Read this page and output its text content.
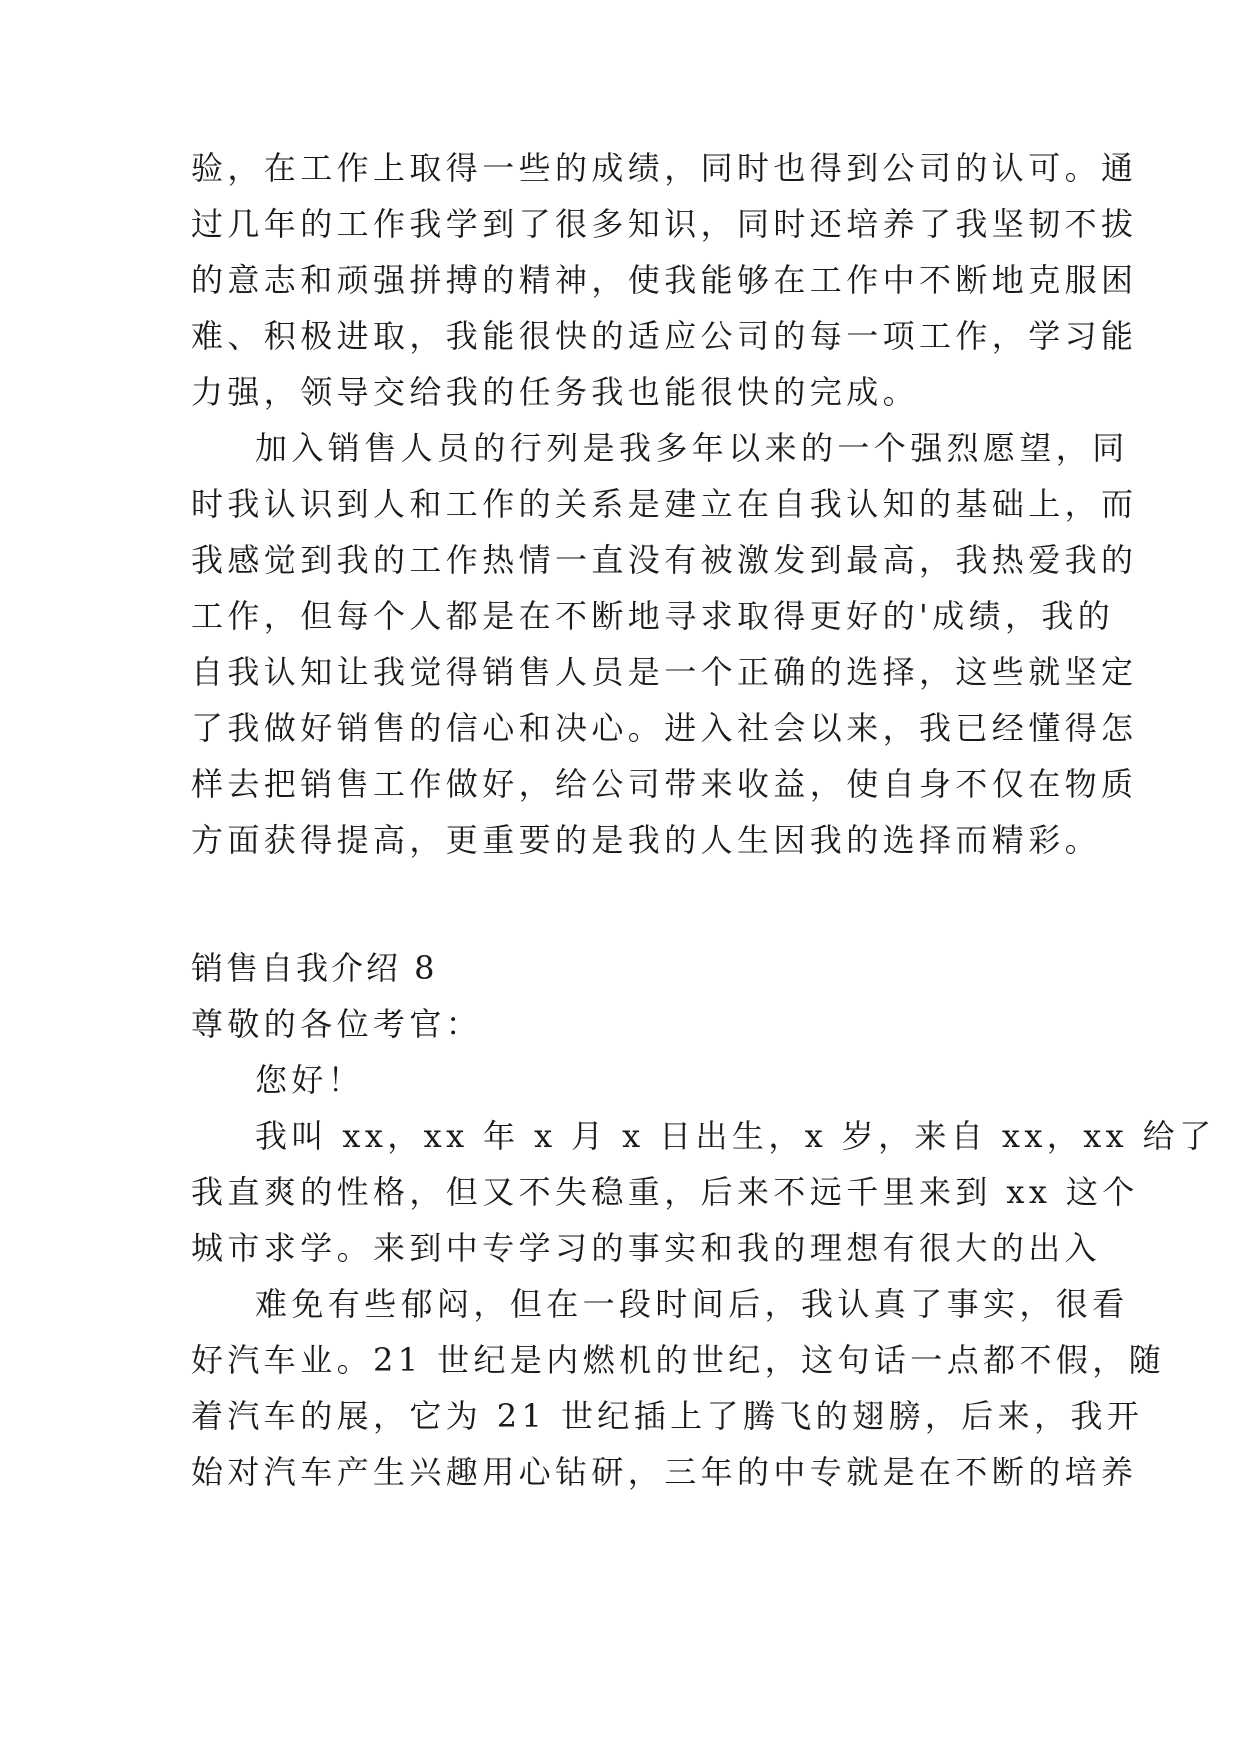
验，在工作上取得一些的成绩，同时也得到公司的认可。通
过几年的工作我学到了很多知识，同时还培养了我坚韧不拔
的意志和顽强拼搏的精神，使我能够在工作中不断地克服困
难、积极进取，我能很快的适应公司的每一项工作，学习能
力强，领导交给我的任务我也能很快的完成。
加入销售人员的行列是我多年以来的一个强烈愿望，同
时我认识到人和工作的关系是建立在自我认知的基础上，而
我感觉到我的工作热情一直没有被激发到最高，我热爱我的
工作，但每个人都是在不断地寻求取得更好的'成绩，我的
自我认知让我觉得销售人员是一个正确的选择，这些就坚定
了我做好销售的信心和决心。进入社会以来，我已经懂得怎
样去把销售工作做好，给公司带来收益，使自身不仅在物质
方面获得提高，更重要的是我的人生因我的选择而精彩。
销售自我介绍 8
尊敬的各位考官：
您好！
我叫 xx，xx 年 x 月 x 日出生，x 岁，来自 xx，xx 给了
我直爽的性格，但又不失稳重，后来不远千里来到 xx 这个
城市求学。来到中专学习的事实和我的理想有很大的出入
难免有些郁闷，但在一段时间后，我认真了事实，很看
好汽车业。21 世纪是内燃机的世纪，这句话一点都不假，随
着汽车的展，它为 21 世纪插上了腾飞的翅膀，后来，我开
始对汽车产生兴趣用心钻研，三年的中专就是在不断的培养
